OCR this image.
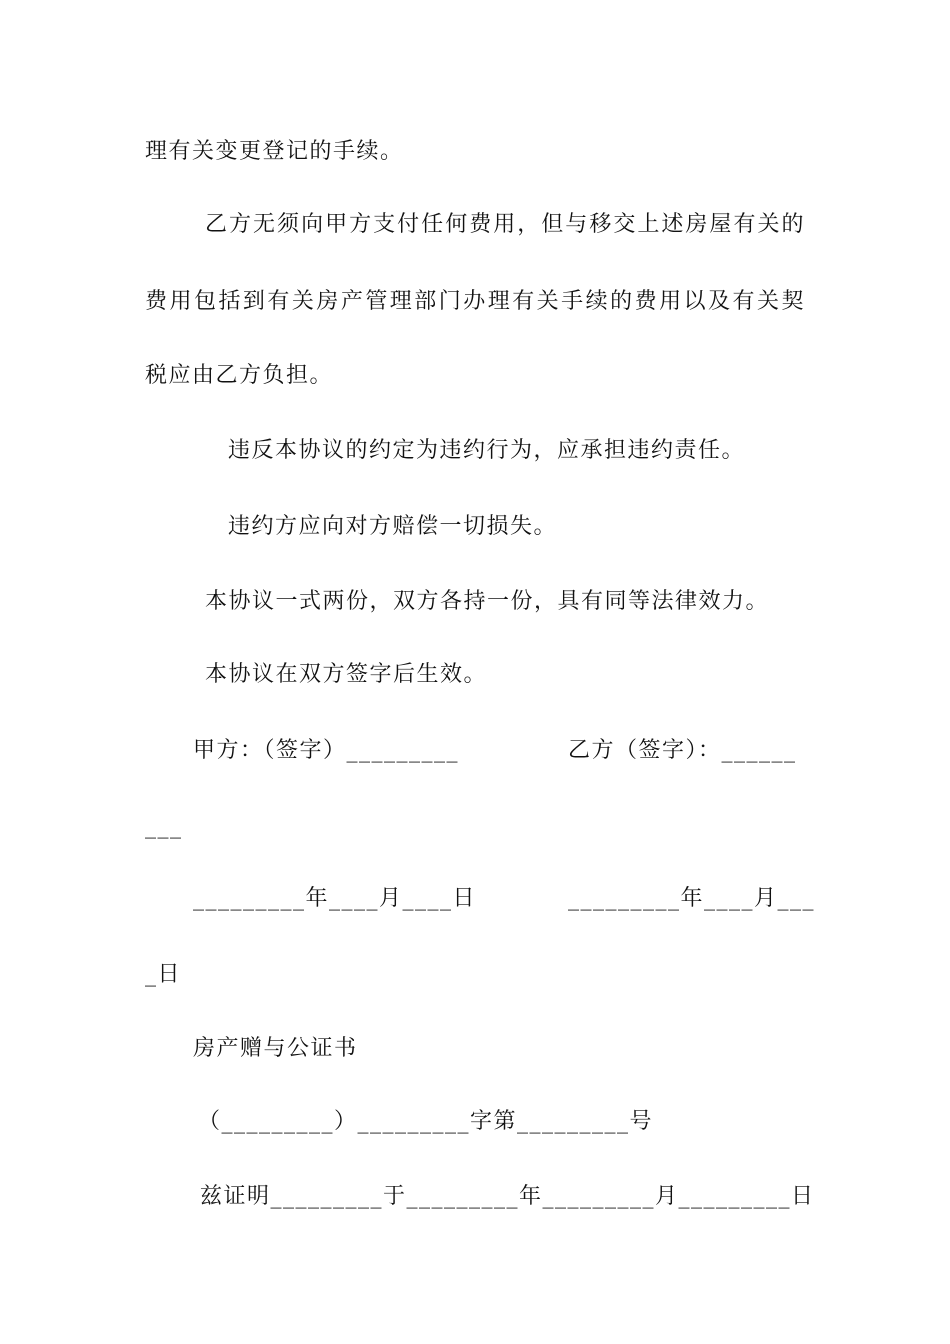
理有关变更登记的手续。
乙方无须向甲方支付任何费用，但与移交上述房屋有关的
费用包括到有关房产管理部门办理有关手续的费用以及有关契
税应由乙方负担。
违反本协议的约定为违约行为，应承担违约责任。
违约方应向对方赔偿一切损失。
本协议一式两份，双方各持一份，具有同等法律效力。
本协议在双方签字后生效。
甲方：（签字）_________	乙方（签字）：______
___
_________年____月____日	_________年____月___
_日
房产赠与公证书
（_________）_________字第_________号
兹证明_________于_________年_________月_________日
